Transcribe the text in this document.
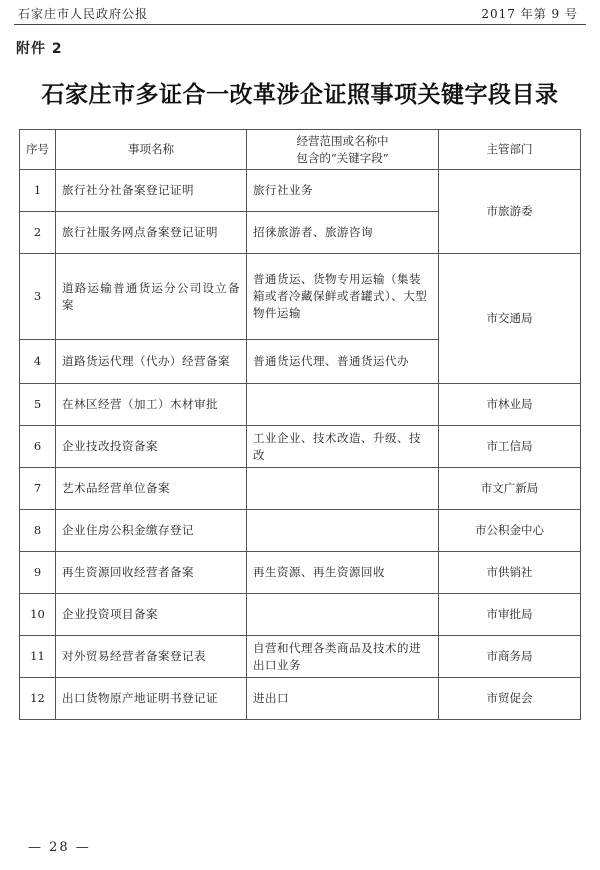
石家庄市人民政府公报	2017 年第 9 号
附件 2
石家庄市多证合一改革涉企证照事项关键字段目录
序号	事项名称	经营范围或名称中
包含的“关键字段”	主管部门
1	旅行社分社备案登记证明	旅行社业务	市旅游委
2	旅行社服务网点备案登记证明	招徕旅游者、旅游咨询	
3	道路运输普通货运分公司设立备案	普通货运、货物专用运输（集装箱或者冷藏保鲜或者罐式）、大型物件运输	市交通局
4	道路货运代理（代办）经营备案	普通货运代理、普通货运代办	
5	在林区经营（加工）木材审批		市林业局
6	企业技改投资备案	工业企业、技术改造、升级、技改	市工信局
7	艺术品经营单位备案		市文广新局
8	企业住房公积金缴存登记		市公积金中心
9	再生资源回收经营者备案	再生资源、再生资源回收	市供销社
10	企业投资项目备案		市审批局
11	对外贸易经营者备案登记表	自营和代理各类商品及技术的进出口业务	市商务局
12	出口货物原产地证明书登记证	进出口	市贸促会
— 28 —
